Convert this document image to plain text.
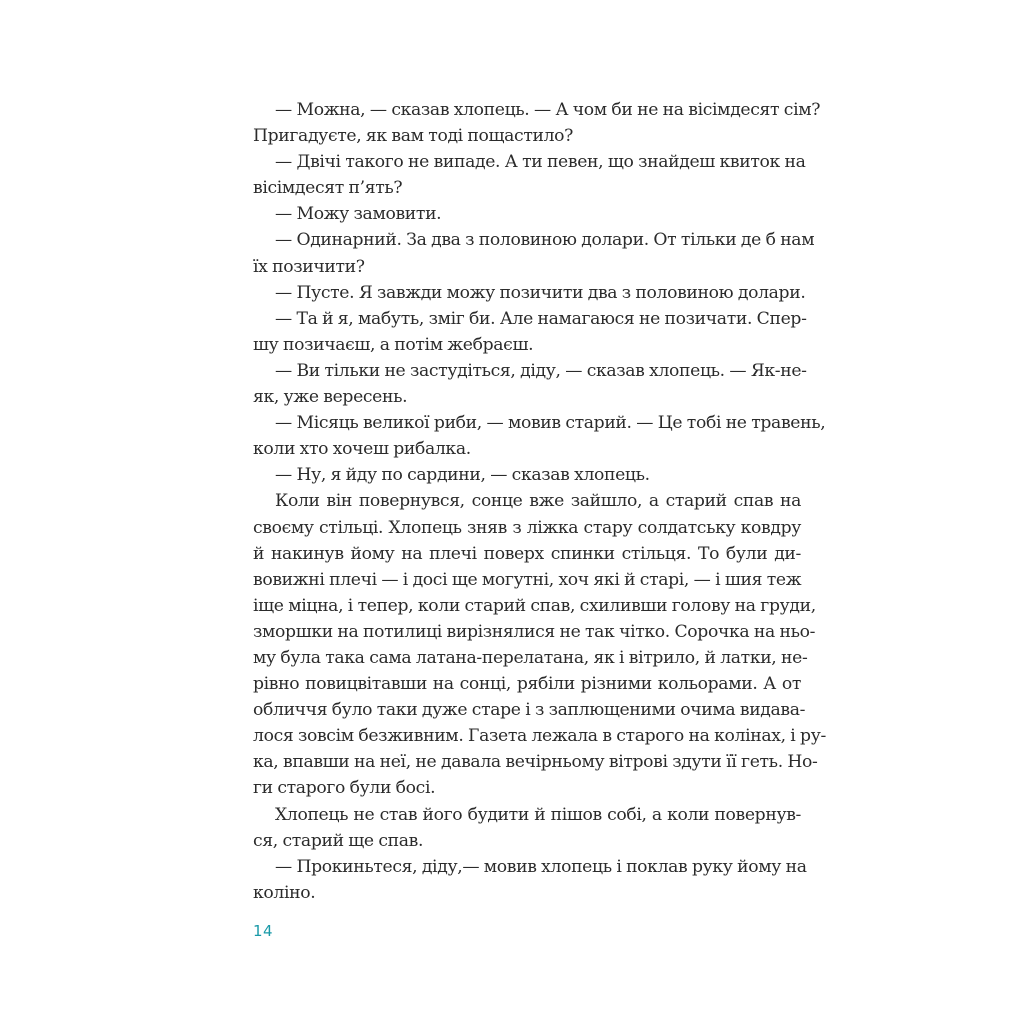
— Можна, — сказав хлопець. — А чом би не на вісімдесят сім?
Пригадуєте, як вам тоді пощастило?
— Двічі такого не випаде. А ти певен, що знайдеш квиток на
вісімдесят п’ять?
— Можу замовити.
— Одинарний. За два з половиною долари. От тільки де б нам
їх позичити?
— Пусте. Я завжди можу позичити два з половиною долари.
— Та й я, мабуть, зміг би. Але намагаюся не позичати. Спер-
шу позичаєш, а потім жебраєш.
— Ви тільки не застудіться, діду, — сказав хлопець. — Як-не-
як, уже вересень.
— Місяць великої риби, — мовив старий. — Це тобі не травень,
коли хто хочеш рибалка.
— Ну, я йду по сардини, — сказав хлопець.
Коли він повернувся, сонце вже зайшло, а старий спав на
своєму стільці. Хлопець зняв з ліжка стару солдатську ковдру
й накинув йому на плечі поверх спинки стільця. То були ди-
вовижні плечі — і досі ще могутні, хоч які й старі, — і шия теж
іще міцна, і тепер, коли старий спав, схиливши голову на груди,
зморшки на потилиці вирізнялися не так чітко. Сорочка на ньо-
му була така сама латана-перелатана, як і вітрило, й латки, не-
рівно повицвітавши на сонці, рябіли різними кольорами. А от
обличчя було таки дуже старе і з заплющеними очима видава-
лося зовсім безживним. Газета лежала в старого на колінах, і ру-
ка, впавши на неї, не давала вечірньому вітрові здути її геть. Но-
ги старого були босі.
Хлопець не став його будити й пішов собі, а коли повернув-
ся, старий ще спав.
— Прокиньтеся, діду,— мовив хлопець і поклав руку йому на
коліно.
14
